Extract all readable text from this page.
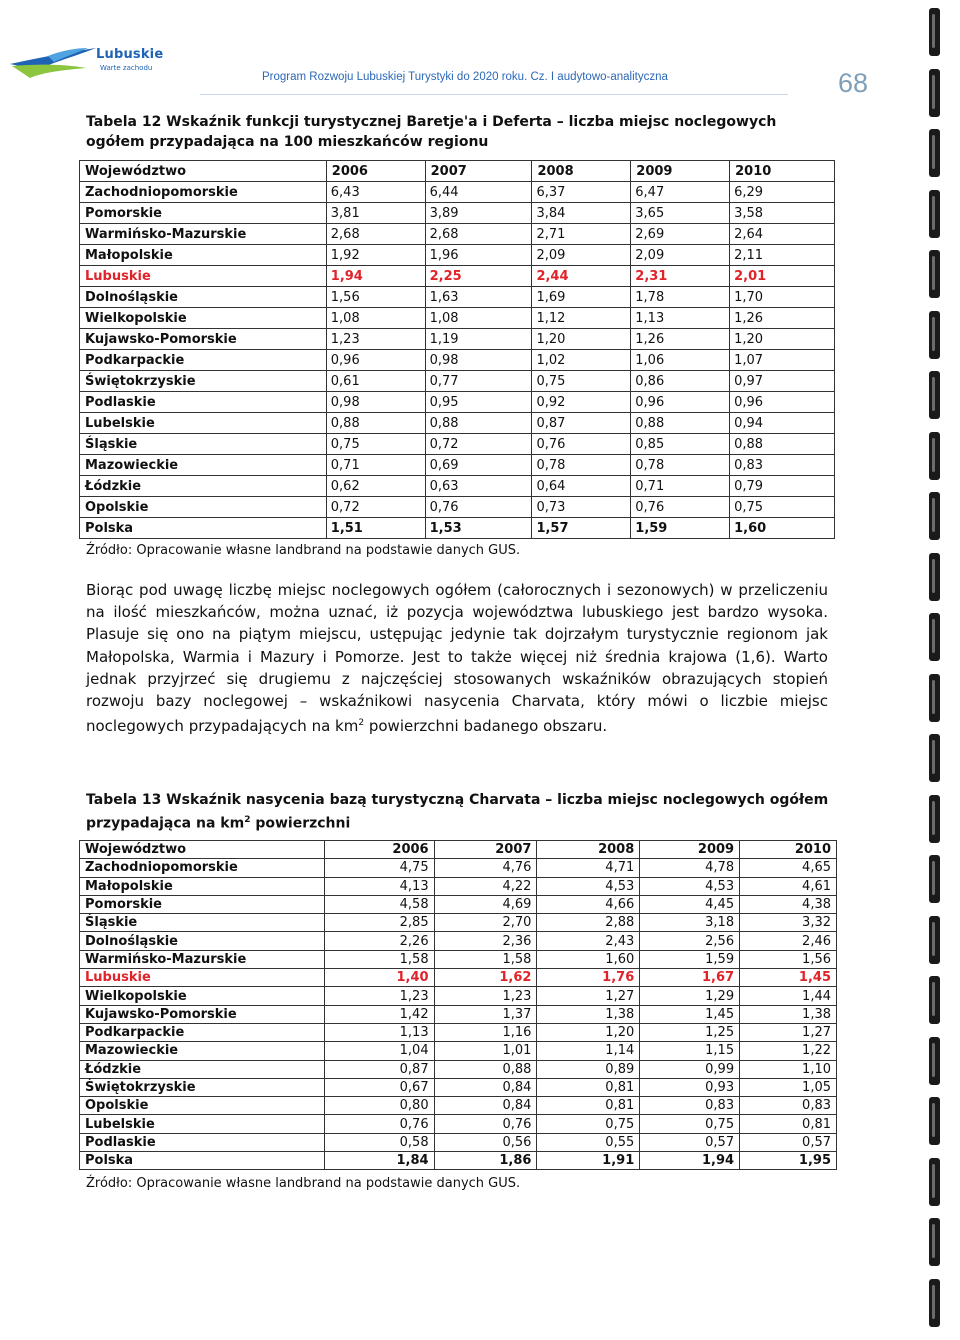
Lubuskie
Warte zachodu
Program Rozwoju Lubuskiej Turystyki do 2020 roku. Cz. I audytowo-analityczna	68
Tabela 12 Wskaźnik funkcji turystycznej Baretje'a i Deferta – liczba miejsc noclegowych ogółem przypadająca na 100 mieszkańców regionu
Województwo	2006	2007	2008	2009	2010
Zachodniopomorskie	6,43	6,44	6,37	6,47	6,29
Pomorskie	3,81	3,89	3,84	3,65	3,58
Warmińsko-Mazurskie	2,68	2,68	2,71	2,69	2,64
Małopolskie	1,92	1,96	2,09	2,09	2,11
Lubuskie	1,94	2,25	2,44	2,31	2,01
Dolnośląskie	1,56	1,63	1,69	1,78	1,70
Wielkopolskie	1,08	1,08	1,12	1,13	1,26
Kujawsko-Pomorskie	1,23	1,19	1,20	1,26	1,20
Podkarpackie	0,96	0,98	1,02	1,06	1,07
Świętokrzyskie	0,61	0,77	0,75	0,86	0,97
Podlaskie	0,98	0,95	0,92	0,96	0,96
Lubelskie	0,88	0,88	0,87	0,88	0,94
Śląskie	0,75	0,72	0,76	0,85	0,88
Mazowieckie	0,71	0,69	0,78	0,78	0,83
Łódzkie	0,62	0,63	0,64	0,71	0,79
Opolskie	0,72	0,76	0,73	0,76	0,75
Polska	1,51	1,53	1,57	1,59	1,60
Źródło: Opracowanie własne landbrand na podstawie danych GUS.
Biorąc pod uwagę liczbę miejsc noclegowych ogółem (całorocznych i sezonowych) w przeliczeniu na ilość mieszkańców, można uznać, iż pozycja województwa lubuskiego jest bardzo wysoka. Plasuje się ono na piątym miejscu, ustępując jedynie tak dojrzałym turystycznie regionom jak Małopolska, Warmia i Mazury i Pomorze. Jest to także więcej niż średnia krajowa (1,6). Warto jednak przyjrzeć się drugiemu z najczęściej stosowanych wskaźników obrazujących stopień rozwoju bazy noclegowej – wskaźnikowi nasycenia Charvata, który mówi o liczbie miejsc noclegowych przypadających na $km^2$ powierzchni badanego obszaru.
Tabela 13 Wskaźnik nasycenia bazą turystyczną Charvata – liczba miejsc noclegowych ogółem przypadająca na $km^2$ powierzchni
Województwo	2006	2007	2008	2009	2010
Zachodniopomorskie	4,75	4,76	4,71	4,78	4,65
Małopolskie	4,13	4,22	4,53	4,53	4,61
Pomorskie	4,58	4,69	4,66	4,45	4,38
Śląskie	2,85	2,70	2,88	3,18	3,32
Dolnośląskie	2,26	2,36	2,43	2,56	2,46
Warmińsko-Mazurskie	1,58	1,58	1,60	1,59	1,56
Lubuskie	1,40	1,62	1,76	1,67	1,45
Wielkopolskie	1,23	1,23	1,27	1,29	1,44
Kujawsko-Pomorskie	1,42	1,37	1,38	1,45	1,38
Podkarpackie	1,13	1,16	1,20	1,25	1,27
Mazowieckie	1,04	1,01	1,14	1,15	1,22
Łódzkie	0,87	0,88	0,89	0,99	1,10
Świętokrzyskie	0,67	0,84	0,81	0,93	1,05
Opolskie	0,80	0,84	0,81	0,83	0,83
Lubelskie	0,76	0,76	0,75	0,75	0,81
Podlaskie	0,58	0,56	0,55	0,57	0,57
Polska	1,84	1,86	1,91	1,94	1,95
Źródło: Opracowanie własne landbrand na podstawie danych GUS.
